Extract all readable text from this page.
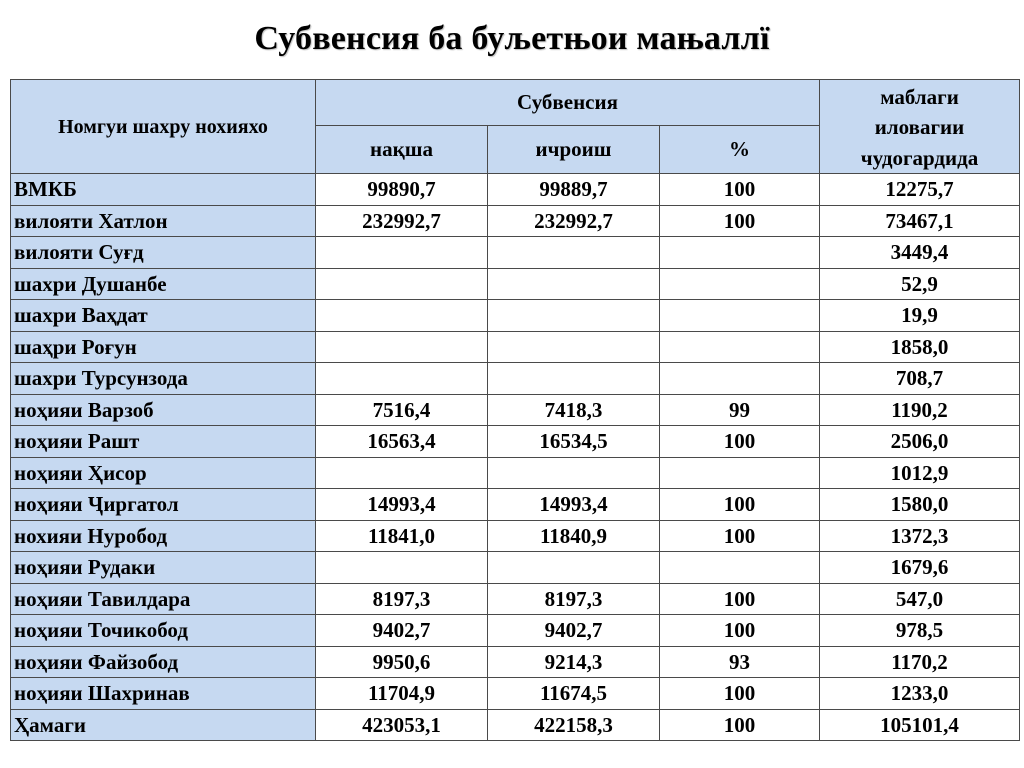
Субвенсия ба буљетњои мањаллї
Номгуи шахру нохияхо	Субвенсия			маблаги
иловагии
чудогардида
	нақша	ичроиш	%	
ВМКБ	99890,7	99889,7	100	12275,7
вилояти Хатлон	232992,7	232992,7	100	73467,1
вилояти Суғд				3449,4
шахри Душанбе				52,9
шахри Ваҳдат				19,9
шаҳри Роғун				1858,0
шахри Турсунзода				708,7
ноҳияи Варзоб	7516,4	7418,3	99	1190,2
ноҳияи Рашт	16563,4	16534,5	100	2506,0
ноҳияи Ҳисор				1012,9
ноҳияи Ҷиргатол	14993,4	14993,4	100	1580,0
нохияи Нуробод	11841,0	11840,9	100	1372,3
ноҳияи Рудаки				1679,6
ноҳияи Тавилдара	8197,3	8197,3	100	547,0
ноҳияи Точикобод	9402,7	9402,7	100	978,5
ноҳияи Файзобод	9950,6	9214,3	93	1170,2
ноҳияи Шахринав	11704,9	11674,5	100	1233,0
Ҳамаги	423053,1	422158,3	100	105101,4
